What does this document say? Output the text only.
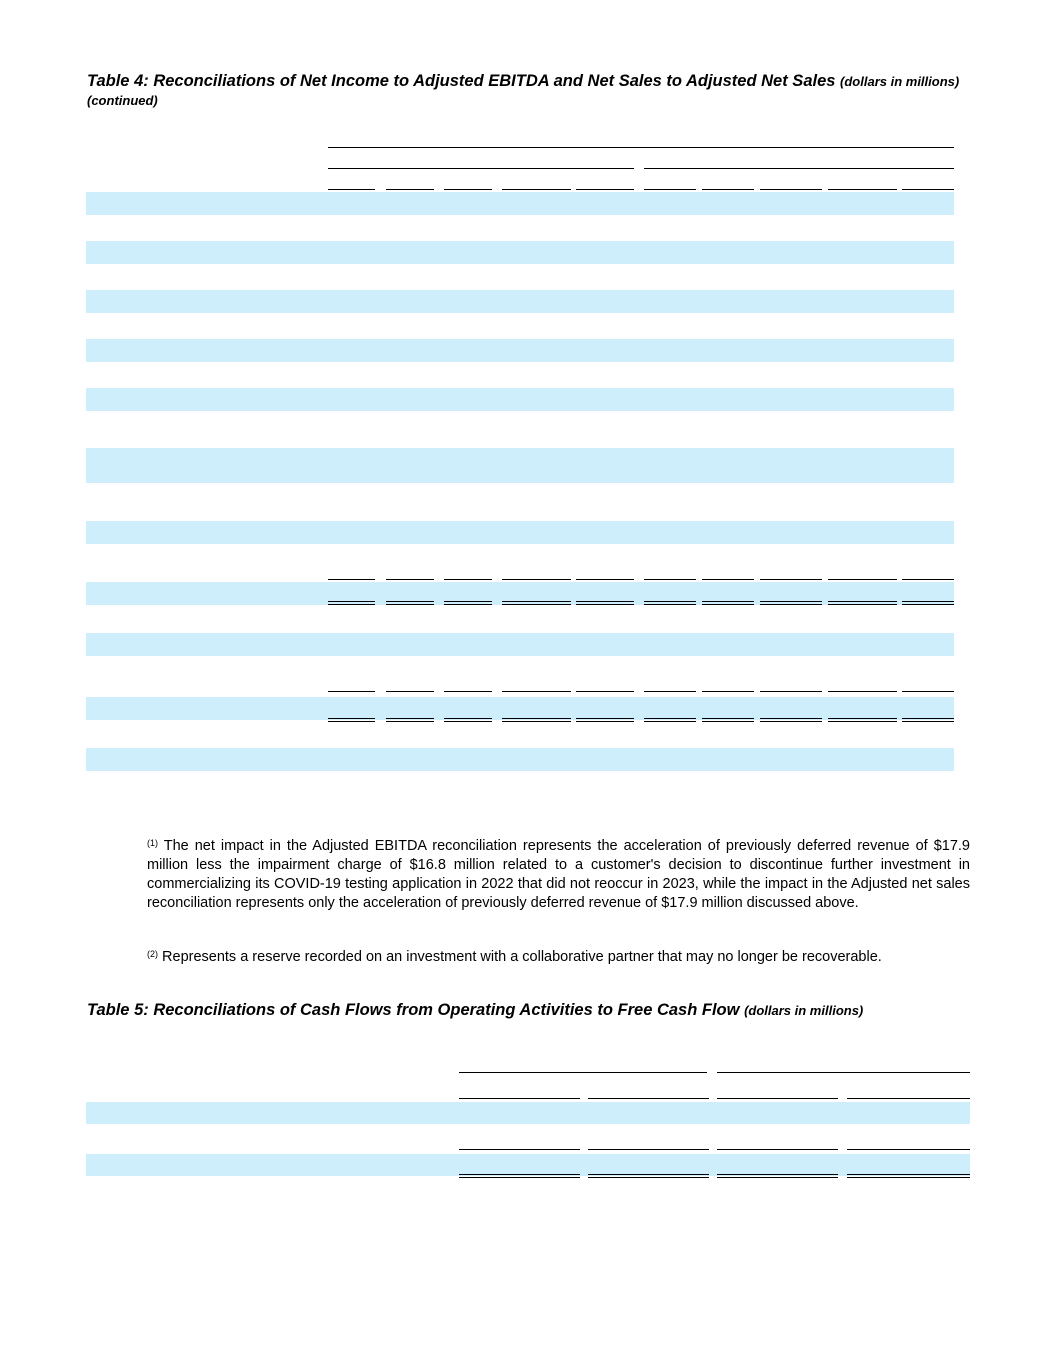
Table 4: Reconciliations of Net Income to Adjusted EBITDA and Net Sales to Adjusted Net Sales (dollars in millions) (continued)

$^{(1)}$ The net impact in the Adjusted EBITDA reconciliation represents the acceleration of previously deferred revenue of $17.9 million less the impairment charge of $16.8 million related to a customer's decision to discontinue further investment in commercializing its COVID-19 testing application in 2022 that did not reoccur in 2023, while the impact in the Adjusted net sales reconciliation represents only the acceleration of previously deferred revenue of $17.9 million discussed above.
$^{(2)}$ Represents a reserve recorded on an investment with a collaborative partner that may no longer be recoverable.
Table 5: Reconciliations of Cash Flows from Operating Activities to Free Cash Flow (dollars in millions)
